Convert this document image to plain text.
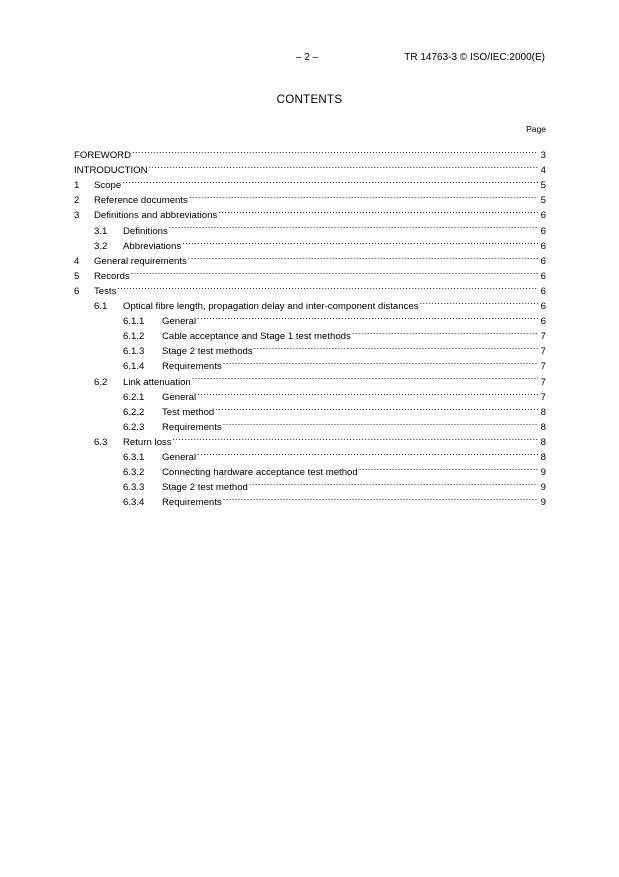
– 2 –	TR 14763-3 © ISO/IEC:2000(E)
CONTENTS
Page
FOREWORD .....	3
INTRODUCTION .....	4
1	Scope .....	5
2	Reference documents .....	5
3	Definitions and abbreviations .....	6
3.1	Definitions .....	6
3.2	Abbreviations .....	6
4	General requirements .....	6
5	Records .....	6
6	Tests .....	6
6.1	Optical fibre length, propagation delay and inter-component distances .....	6
6.1.1	General .....	6
6.1.2	Cable acceptance and Stage 1 test methods .....	7
6.1.3	Stage 2 test methods .....	7
6.1.4	Requirements .....	7
6.2	Link attenuation .....	7
6.2.1	General .....	7
6.2.2	Test method .....	8
6.2.3	Requirements .....	8
6.3	Return loss .....	8
6.3.1	General .....	8
6.3.2	Connecting hardware acceptance test method .....	9
6.3.3	Stage 2 test method .....	9
6.3.4	Requirements .....	9
